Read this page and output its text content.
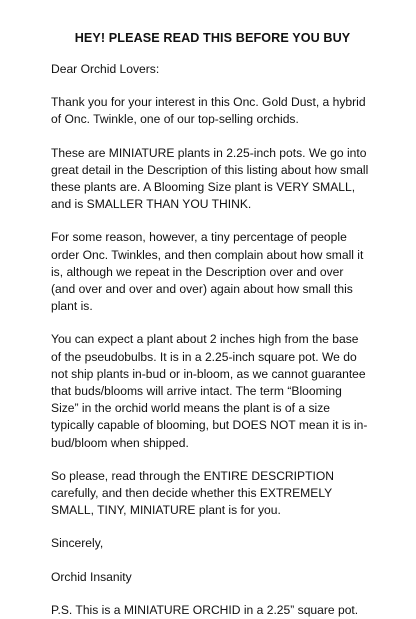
HEY! PLEASE READ THIS BEFORE YOU BUY

Dear Orchid Lovers:

Thank you for your interest in this Onc. Gold Dust, a hybrid of Onc. Twinkle, one of our top-selling orchids.

These are MINIATURE plants in 2.25-inch pots. We go into great detail in the Description of this listing about how small these plants are. A Blooming Size plant is VERY SMALL, and is SMALLER THAN YOU THINK.

For some reason, however, a tiny percentage of people order Onc. Twinkles, and then complain about how small it is, although we repeat in the Description over and over (and over and over and over) again about how small this plant is.

You can expect a plant about 2 inches high from the base of the pseudobulbs. It is in a 2.25-inch square pot. We do not ship plants in-bud or in-bloom, as we cannot guarantee that buds/blooms will arrive intact. The term “Blooming Size” in the orchid world means the plant is of a size typically capable of blooming, but DOES NOT mean it is in-bud/bloom when shipped.

So please, read through the ENTIRE DESCRIPTION carefully, and then decide whether this EXTREMELY SMALL, TINY, MINIATURE plant is for you.

Sincerely,

Orchid Insanity

P.S. This is a MINIATURE ORCHID in a 2.25” square pot.
